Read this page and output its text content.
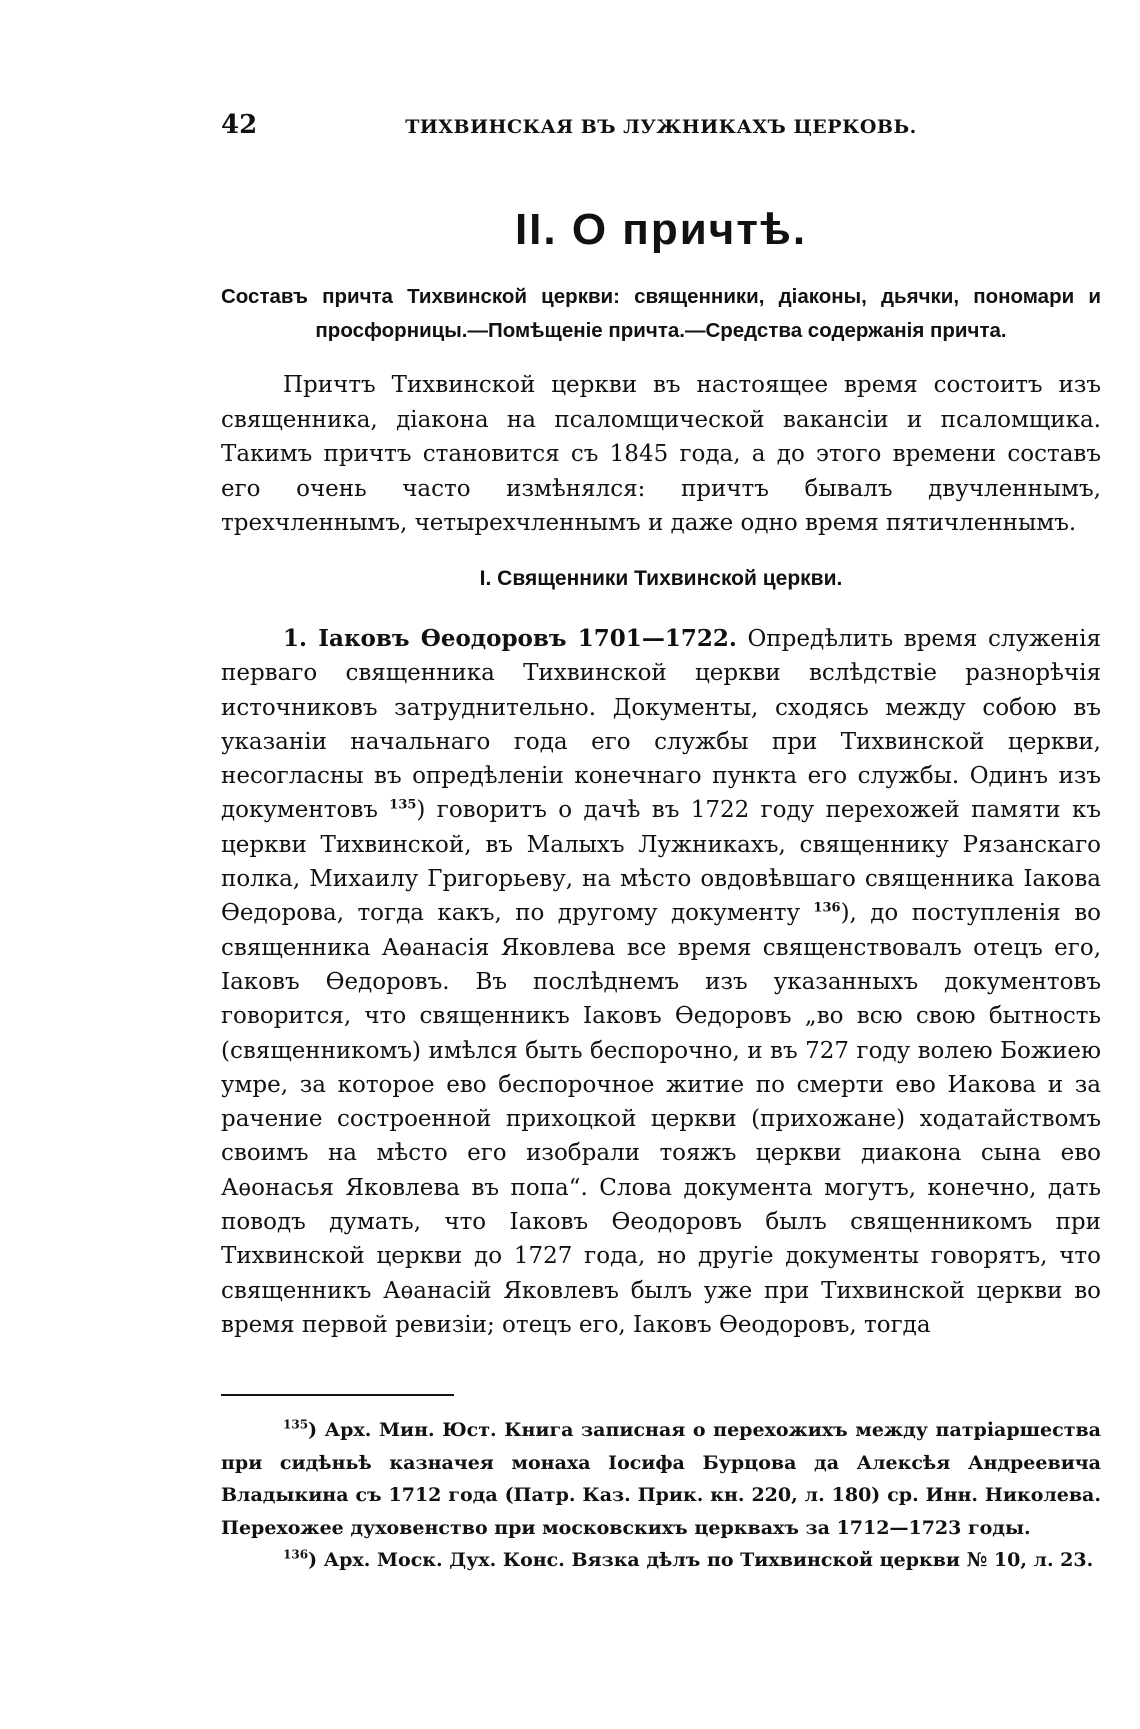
42	ТИХВИНСКАЯ ВЪ ЛУЖНИКАХЪ ЦЕРКОВЬ.
II. О причтѣ.
Составъ причта Тихвинской церкви: священники, діаконы, дьячки, пономари и просфорницы.—Помѣщеніе причта.—Средства содержанія причта.

Причтъ Тихвинской церкви въ настоящее время состоитъ изъ священника, діакона на псаломщической вакансіи и псаломщика. Такимъ причтъ становится съ 1845 года, а до этого времени составъ его очень часто измѣнялся: причтъ бывалъ двучленнымъ, трехчленнымъ, четырехчленнымъ и даже одно время пятичленнымъ.

I. Священники Тихвинской церкви.

1. Іаковъ Ѳеодоровъ 1701—1722. Опредѣлить время служенія перваго священника Тихвинской церкви вслѣдствіе разнорѣчія источниковъ затруднительно. Документы, сходясь между собою въ указаніи начальнаго года его службы при Тихвинской церкви, несогласны въ опредѣленіи конечнаго пункта его службы. Одинъ изъ документовъ $^{135}$) говоритъ о дачѣ въ 1722 году перехожей памяти къ церкви Тихвинской, въ Малыхъ Лужникахъ, священнику Рязанскаго полка, Михаилу Григорьеву, на мѣсто овдовѣвшаго священника Іакова Ѳедорова, тогда какъ, по другому документу $^{136}$), до поступленія во священника Аѳанасія Яковлева все время священствовалъ отецъ его, Іаковъ Ѳедоровъ. Въ послѣднемъ изъ указанныхъ документовъ говорится, что священникъ Іаковъ Ѳедоровъ „во всю свою бытность (священникомъ) имѣлся быть беспорочно, и въ 727 году волею Божиею умре, за которое ево беспорочное житие по смерти ево Иакова и за рачение состроенной прихоцкой церкви (прихожане) ходатайствомъ своимъ на мѣсто его изобрали тояжъ церкви диакона сына ево Аѳонасья Яковлева въ попа“. Слова документа могутъ, конечно, дать поводъ думать, что Іаковъ Ѳеодоровъ былъ священникомъ при Тихвинской церкви до 1727 года, но другіе документы говорятъ, что священникъ Аѳанасій Яковлевъ былъ уже при Тихвинской церкви во время первой ревизіи; отецъ его, Іаковъ Ѳеодоровъ, тогда

$^{135}$) Арх. Мин. Юст. Книга записная о перехожихъ между патріаршества при сидѣньѣ казначея монаха Іосифа Бурцова да Алексѣя Андреевича Владыкина съ 1712 года (Патр. Каз. Прик. кн. 220, л. 180) ср. Инн. Николева. Перехожее духовенство при московскихъ церквахъ за 1712—1723 годы.

$^{136}$) Арх. Моск. Дух. Конс. Вязка дѣлъ по Тихвинской церкви № 10, л. 23.
